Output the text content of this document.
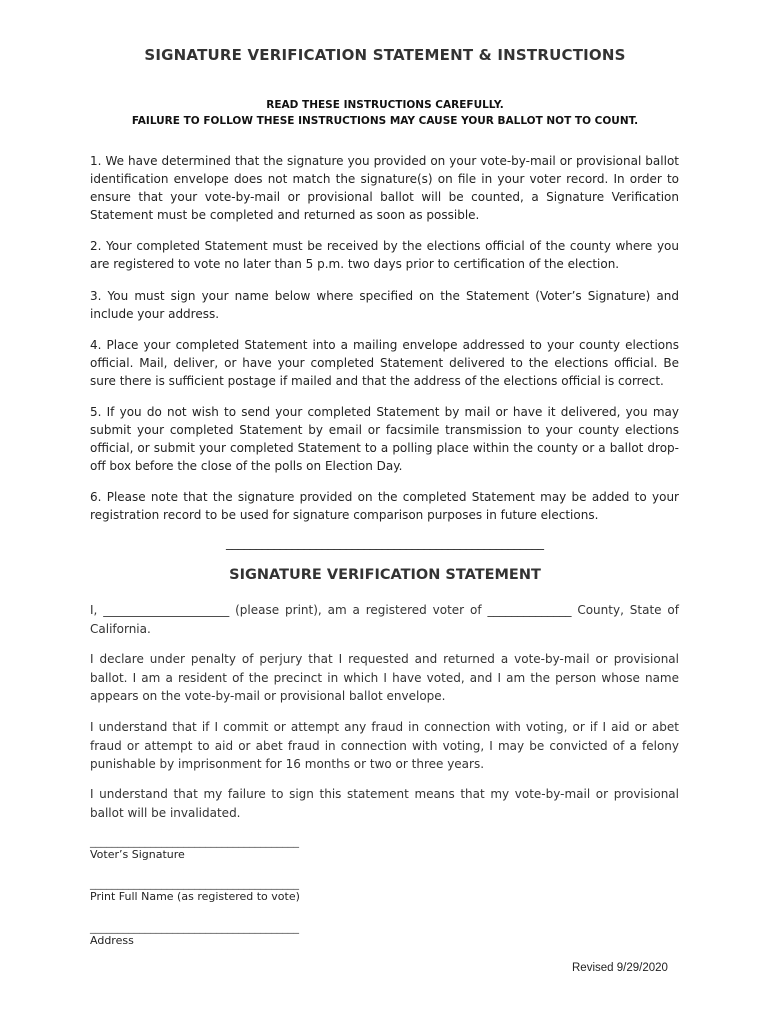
SIGNATURE VERIFICATION STATEMENT & INSTRUCTIONS
READ THESE INSTRUCTIONS CAREFULLY.
FAILURE TO FOLLOW THESE INSTRUCTIONS MAY CAUSE YOUR BALLOT NOT TO COUNT.
1. We have determined that the signature you provided on your vote-by-mail or provisional ballot identification envelope does not match the signature(s) on file in your voter record. In order to ensure that your vote-by-mail or provisional ballot will be counted, a Signature Verification Statement must be completed and returned as soon as possible.
2. Your completed Statement must be received by the elections official of the county where you are registered to vote no later than 5 p.m. two days prior to certification of the election.
3. You must sign your name below where specified on the Statement (Voter’s Signature) and include your address.
4. Place your completed Statement into a mailing envelope addressed to your county elections official. Mail, deliver, or have your completed Statement delivered to the elections official. Be sure there is sufficient postage if mailed and that the address of the elections official is correct.
5. If you do not wish to send your completed Statement by mail or have it delivered, you may submit your completed Statement by email or facsimile transmission to your county elections official, or submit your completed Statement to a polling place within the county or a ballot drop-off box before the close of the polls on Election Day.
6. Please note that the signature provided on the completed Statement may be added to your registration record to be used for signature comparison purposes in future elections.
_____________________________________________________
SIGNATURE VERIFICATION STATEMENT
I, _____________________ (please print), am a registered voter of ______________ County, State of California.
I declare under penalty of perjury that I requested and returned a vote-by-mail or provisional ballot. I am a resident of the precinct in which I have voted, and I am the person whose name appears on the vote-by-mail or provisional ballot envelope.
I understand that if I commit or attempt any fraud in connection with voting, or if I aid or abet fraud or attempt to aid or abet fraud in connection with voting, I may be convicted of a felony punishable by imprisonment for 16 months or two or three years.
I understand that my failure to sign this statement means that my vote-by-mail or provisional ballot will be invalidated.
______________________________________
Voter’s Signature
______________________________________
Print Full Name (as registered to vote)
______________________________________
Address
Revised 9/29/2020
